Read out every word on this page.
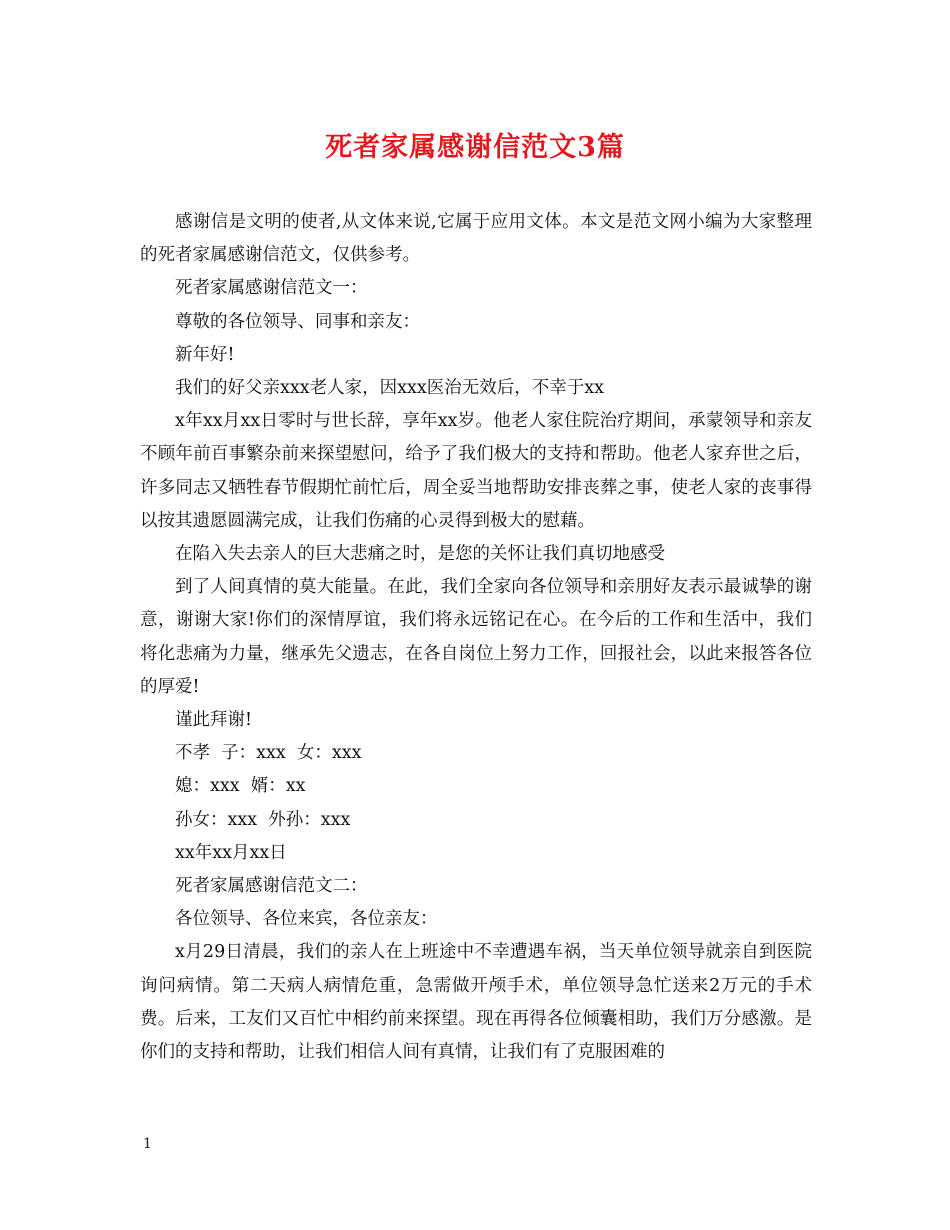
死者家属感谢信范文3篇

感谢信是文明的使者,从文体来说,它属于应用文体。本文是范文网小编为大家整理的死者家属感谢信范文，仅供参考。

死者家属感谢信范文一：

尊敬的各位领导、同事和亲友：

新年好!

我们的好父亲xxx老人家，因xxx医治无效后，不幸于xx

x年xx月xx日零时与世长辞，享年xx岁。他老人家住院治疗期间，承蒙领导和亲友不顾年前百事繁杂前来探望慰问，给予了我们极大的支持和帮助。他老人家弃世之后，许多同志又牺牲春节假期忙前忙后，周全妥当地帮助安排丧葬之事，使老人家的丧事得以按其遗愿圆满完成，让我们伤痛的心灵得到极大的慰藉。

在陷入失去亲人的巨大悲痛之时，是您的关怀让我们真切地感受

到了人间真情的莫大能量。在此，我们全家向各位领导和亲朋好友表示最诚挚的谢意，谢谢大家!你们的深情厚谊，我们将永远铭记在心。在今后的工作和生活中，我们将化悲痛为力量，继承先父遗志，在各自岗位上努力工作，回报社会，以此来报答各位的厚爱!

谨此拜谢!

不孝  子：xxx  女：xxx

媳：xxx  婿：xx

孙女：xxx  外孙：xxx

xx年xx月xx日

死者家属感谢信范文二：

各位领导、各位来宾，各位亲友：

x月29日清晨，我们的亲人在上班途中不幸遭遇车祸，当天单位领导就亲自到医院询问病情。第二天病人病情危重，急需做开颅手术，单位领导急忙送来2万元的手术费。后来，工友们又百忙中相约前来探望。现在再得各位倾囊相助，我们万分感激。是你们的支持和帮助，让我们相信人间有真情，让我们有了克服困难的

1
